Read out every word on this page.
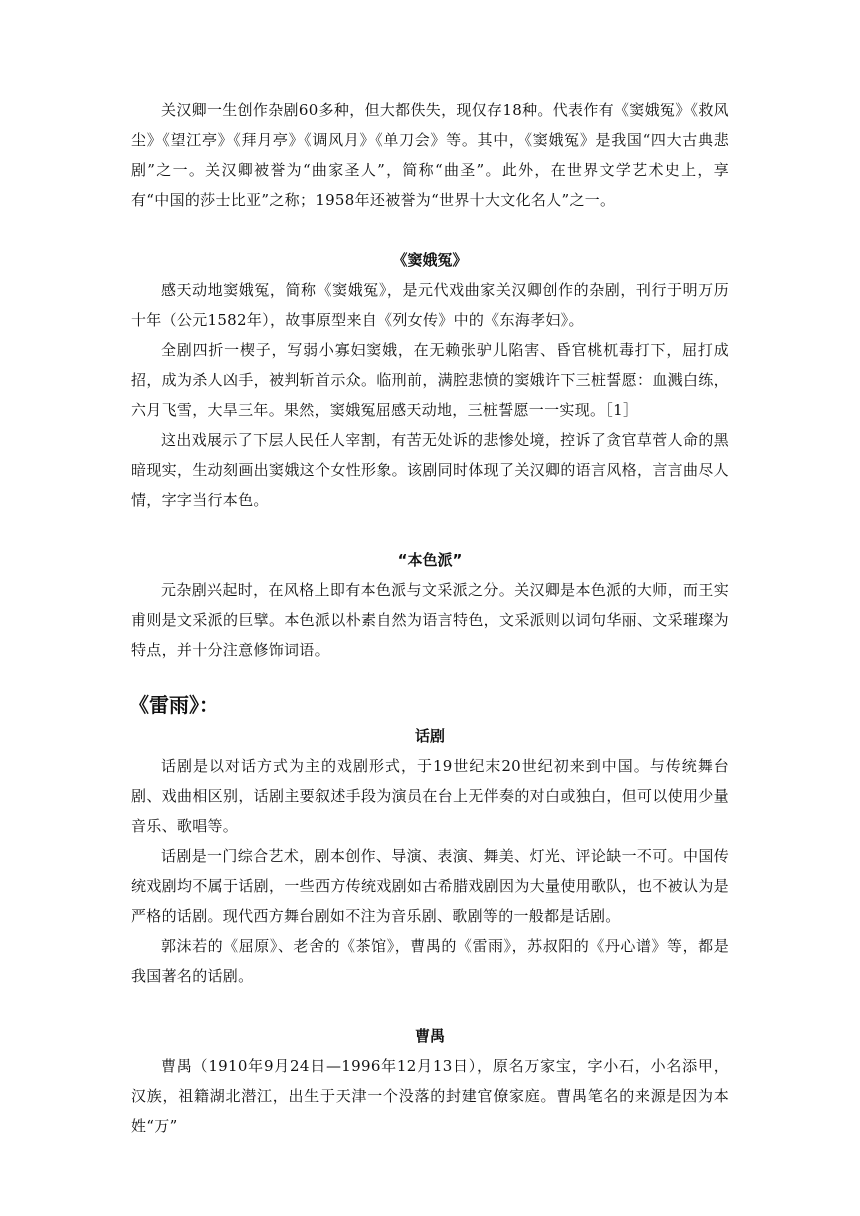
关汉卿一生创作杂剧60多种，但大都佚失，现仅存18种。代表作有《窦娥冤》《救风尘》《望江亭》《拜月亭》《调风月》《单刀会》等。其中，《窦娥冤》是我国“四大古典悲剧”之一。关汉卿被誉为“曲家圣人”，简称“曲圣”。此外，在世界文学艺术史上，享有“中国的莎士比亚”之称；1958年还被誉为“世界十大文化名人”之一。

《窦娥冤》

感天动地窦娥冤，简称《窦娥冤》，是元代戏曲家关汉卿创作的杂剧，刊行于明万历十年（公元1582年），故事原型来自《列女传》中的《东海孝妇》。

全剧四折一楔子，写弱小寡妇窦娥，在无赖张驴儿陷害、昏官桃杌毒打下，屈打成招，成为杀人凶手，被判斩首示众。临刑前，满腔悲愤的窦娥许下三桩誓愿：血溅白练，六月飞雪，大旱三年。果然，窦娥冤屈感天动地，三桩誓愿一一实现。［1］

这出戏展示了下层人民任人宰割，有苦无处诉的悲惨处境，控诉了贪官草菅人命的黑暗现实，生动刻画出窦娥这个女性形象。该剧同时体现了关汉卿的语言风格，言言曲尽人情，字字当行本色。

“本色派”

元杂剧兴起时，在风格上即有本色派与文采派之分。关汉卿是本色派的大师，而王实甫则是文采派的巨擘。本色派以朴素自然为语言特色，文采派则以词句华丽、文采璀璨为特点，并十分注意修饰词语。

《雷雨》：
话剧

话剧是以对话方式为主的戏剧形式，于19世纪末20世纪初来到中国。与传统舞台剧、戏曲相区别，话剧主要叙述手段为演员在台上无伴奏的对白或独白，但可以使用少量音乐、歌唱等。

话剧是一门综合艺术，剧本创作、导演、表演、舞美、灯光、评论缺一不可。中国传统戏剧均不属于话剧，一些西方传统戏剧如古希腊戏剧因为大量使用歌队，也不被认为是严格的话剧。现代西方舞台剧如不注为音乐剧、歌剧等的一般都是话剧。

郭沫若的《屈原》、老舍的《茶馆》，曹禺的《雷雨》，苏叔阳的《丹心谱》等，都是我国著名的话剧。

曹禺

曹禺（1910年9月24日—1996年12月13日），原名万家宝，字小石，小名添甲，汉族，祖籍湖北潜江，出生于天津一个没落的封建官僚家庭。曹禺笔名的来源是因为本姓“万”
